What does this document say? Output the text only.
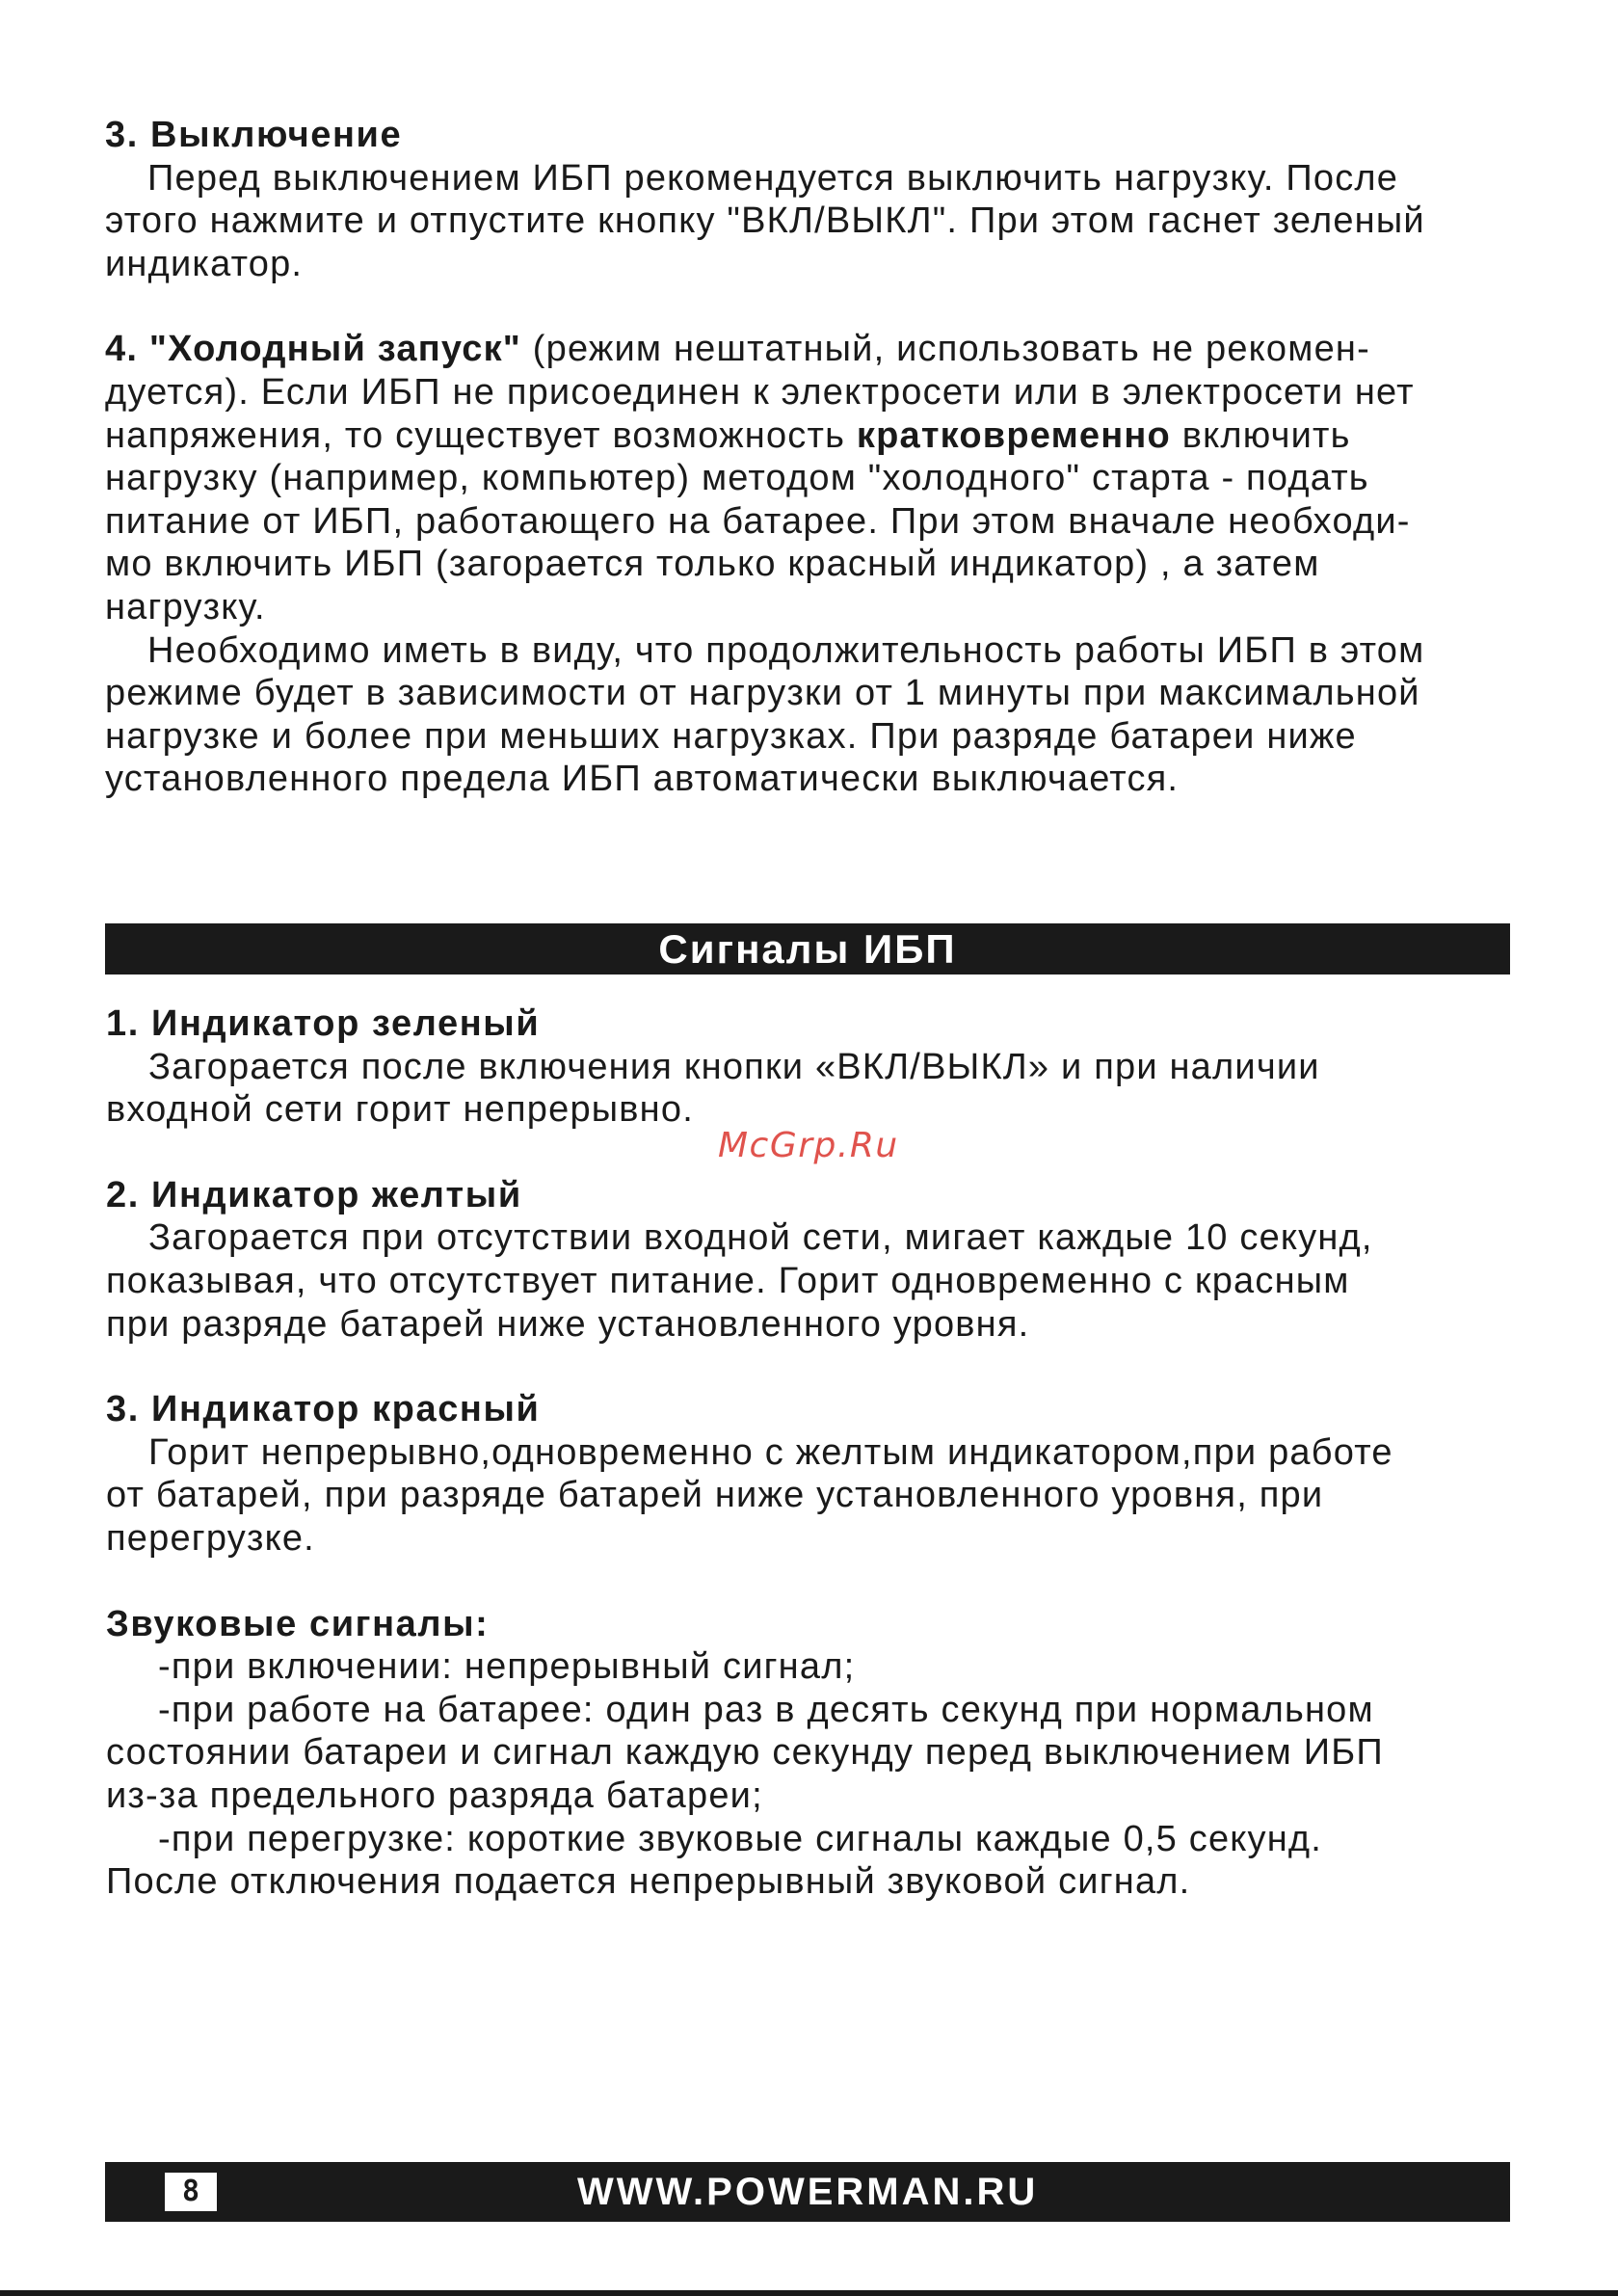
3. Выключение

Перед выключением ИБП рекомендуется выключить нагрузку. После
этого нажмите и отпустите кнопку "ВКЛ/ВЫКЛ". При этом гаснет зеленый
индикатор.

4. "Холодный запуск" (режим нештатный, использовать не рекомен-
дуется). Если ИБП не присоединен к электросети или в электросети нет
напряжения, то существует возможность кратковременно включить
нагрузку (например, компьютер) методом "холодного" старта - подать
питание от ИБП, работающего на батарее. При этом вначале необходи-
мо включить ИБП (загорается только красный индикатор) , а затем
нагрузку.
Необходимо иметь в виду, что продолжительность работы ИБП в этом
режиме будет в зависимости от нагрузки от 1 минуты при максимальной
нагрузке и более при меньших нагрузках. При разряде батареи ниже
установленного предела ИБП автоматически выключается.

Сигналы ИБП

1. Индикатор зеленый

Загорается после включения кнопки «ВКЛ/ВЫКЛ» и при наличии
входной сети горит непрерывно.

2. Индикатор желтый

Загорается при отсутствии входной сети, мигает каждые 10 секунд,
показывая, что отсутствует питание. Горит одновременно с красным
при разряде батарей ниже установленного уровня.

3. Индикатор красный

Горит непрерывно,одновременно с желтым индикатором,при работе
от батарей, при разряде батарей ниже установленного уровня, при
перегрузке.

Звуковые сигналы:

-при включении: непрерывный сигнал;
-при работе на батарее: один раз в десять секунд при нормальном
состоянии батареи и сигнал каждую секунду перед выключением ИБП
из-за предельного разряда батареи;
-при перегрузке: короткие звуковые сигналы каждые 0,5 секунд.
После отключения подается непрерывный звуковой сигнал.

McGrp.Ru
8	WWW.POWERMAN.RU
